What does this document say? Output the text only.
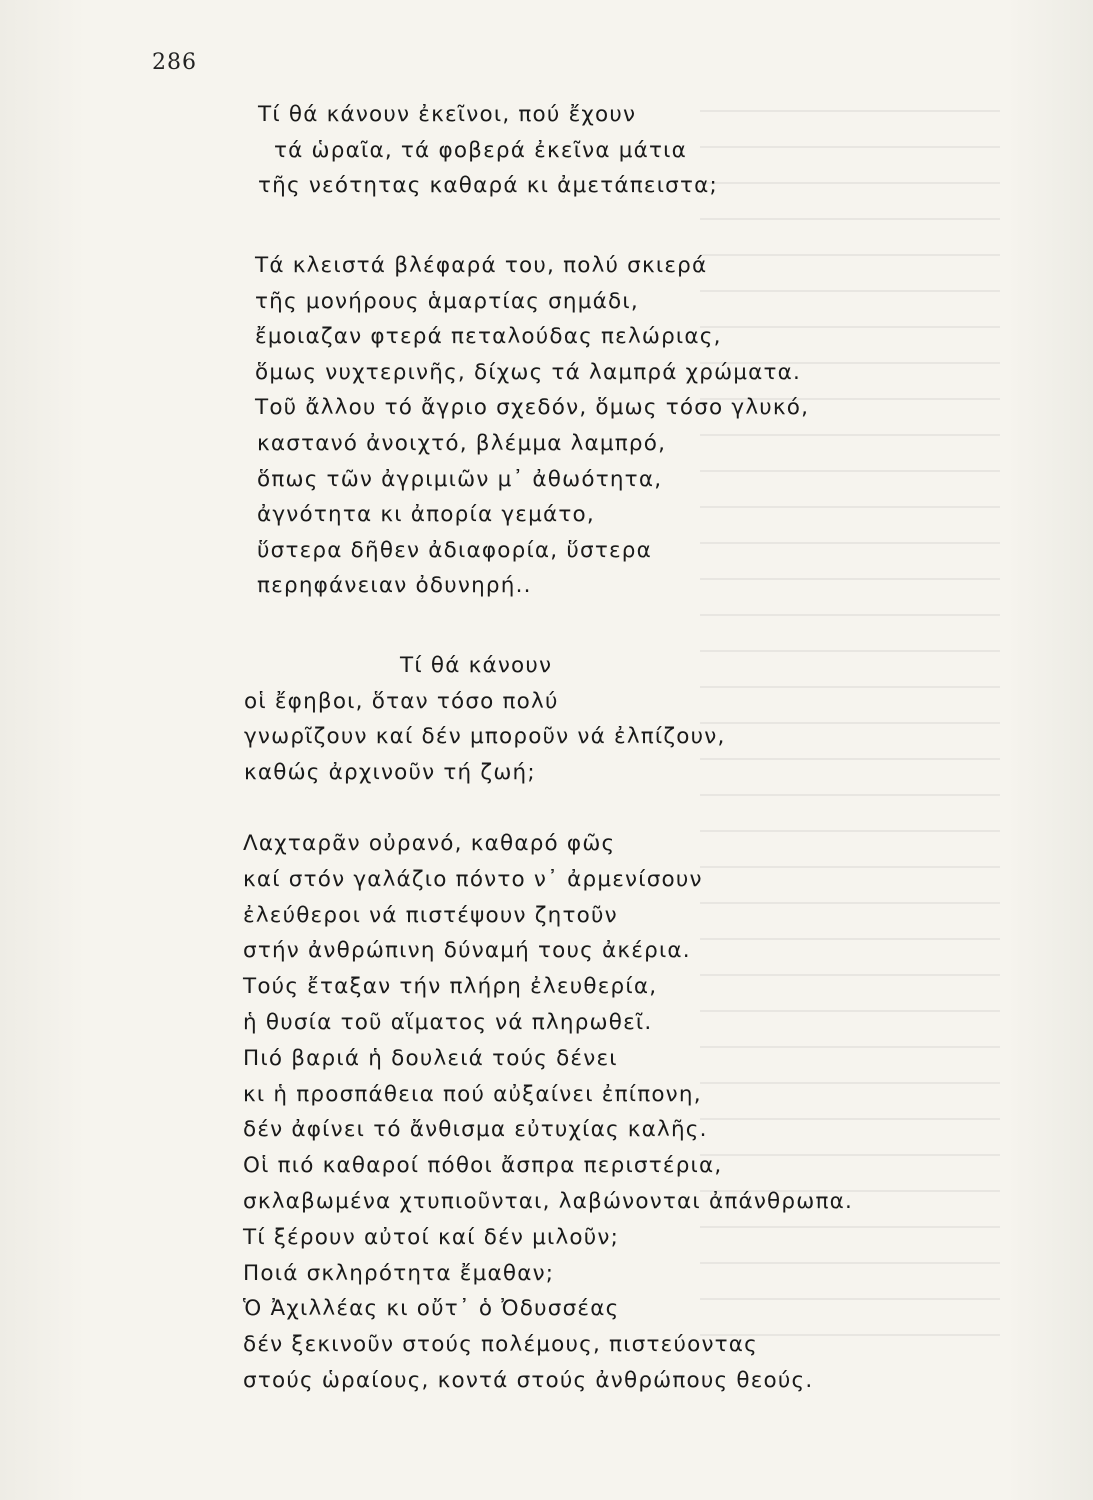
286
Τί θά κάνουν ἐκεῖνοι, πού ἔχουν
τά ὡραῖα, τά φοβερά ἐκεῖνα μάτια
τῆς νεότητας καθαρά κι ἀμετάπειστα;
Τά κλειστά βλέφαρά του, πολύ σκιερά
τῆς μονήρους ἁμαρτίας σημάδι,
ἔμοιαζαν φτερά πεταλούδας πελώριας,
ὅμως νυχτερινῆς, δίχως τά λαμπρά χρώματα.
Τοῦ ἄλλου τό ἄγριο σχεδόν, ὅμως τόσο γλυκό,
καστανό ἀνοιχτό, βλέμμα λαμπρό,
ὅπως τῶν ἀγριμιῶν μ᾽ ἀθωότητα,
ἀγνότητα κι ἀπορία γεμάτο,
ὕστερα δῆθεν ἀδιαφορία, ὕστερα
περηφάνειαν ὀδυνηρή..
Τί θά κάνουν
οἱ ἔφηβοι, ὅταν τόσο πολύ
γνωρῖζουν καί δέν μποροῦν νά ἐλπίζουν,
καθώς ἀρχινοῦν τή ζωή;
Λαχταρᾶν οὐρανό, καθαρό φῶς
καί στόν γαλάζιο πόντο ν᾽ ἀρμενίσουν
ἐλεύθεροι νά πιστέψουν ζητοῦν
στήν ἀνθρώπινη δύναμή τους ἀκέρια.
Τούς ἔταξαν τήν πλήρη ἐλευθερία,
ἡ θυσία τοῦ αἵματος νά πληρωθεῖ.
Πιό βαριά ἡ δουλειά τούς δένει
κι ἡ προσπάθεια πού αὐξαίνει ἐπίπονη,
δέν ἀφίνει τό ἄνθισμα εὐτυχίας καλῆς.
Οἱ πιό καθαροί πόθοι ἄσπρα περιστέρια,
σκλαβωμένα χτυπιοῦνται, λαβώνονται ἀπάνθρωπα.
Τί ξέρουν αὐτοί καί δέν μιλοῦν;
Ποιά σκληρότητα ἔμαθαν;
Ὁ Ἀχιλλέας κι οὔτ᾽ ὁ Ὀδυσσέας
δέν ξεκινοῦν στούς πολέμους, πιστεύοντας
στούς ὡραίους, κοντά στούς ἀνθρώπους θεούς.
